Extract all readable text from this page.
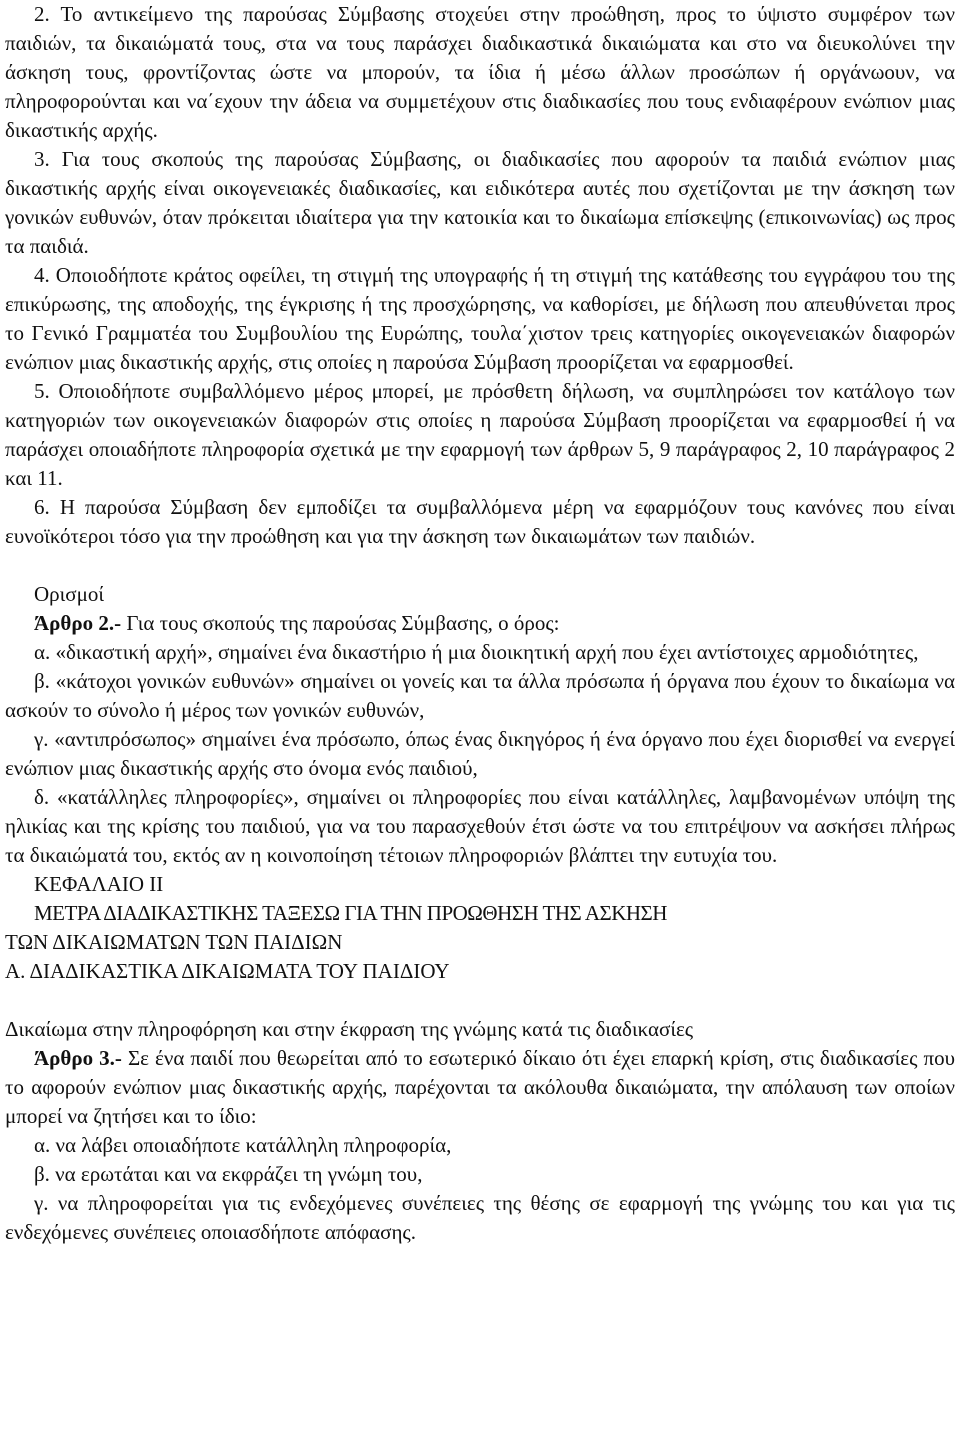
2. Το αντικείμενο της παρούσας Σύμβασης στοχεύει στην προώθηση, προς το ύψιστο συμφέρον των παιδιών, τα δικαιώματά τους, στα να τους παράσχει διαδικαστικά δικαιώματα και στο να διευκολύνει την άσκηση τους, φροντίζοντας ώστε να μπορούν, τα ίδια ή μέσω άλλων προσώπων ή οργάνωουν, να πληροφορούνται και να΄εχουν την άδεια να συμμετέχουν στις διαδικασίες που τους ενδιαφέρουν ενώπιον μιας δικαστικής αρχής.

3. Για τους σκοπούς της παρούσας Σύμβασης, οι διαδικασίες που αφορούν τα παιδιά ενώπιον μιας δικαστικής αρχής είναι οικογενειακές διαδικασίες, και ειδικότερα αυτές που σχετίζονται με την άσκηση των γονικών ευθυνών, όταν πρόκειται ιδιαίτερα για την κατοικία και το δικαίωμα επίσκεψης (επικοινωνίας) ως προς τα παιδιά.

4. Οποιοδήποτε κράτος οφείλει, τη στιγμή της υπογραφής ή τη στιγμή της κατάθεσης του εγγράφου του της επικύρωσης, της αποδοχής, της έγκρισης ή της προσχώρησης, να καθορίσει, με δήλωση που απευθύνεται προς το Γενικό Γραμματέα του Συμβουλίου της Ευρώπης, τουλα΄χιστον τρεις κατηγορίες οικογενειακών διαφορών ενώπιον μιας δικαστικής αρχής, στις οποίες η παρούσα Σύμβαση προορίζεται να εφαρμοσθεί.

5. Οποιοδήποτε συμβαλλόμενο μέρος μπορεί, με πρόσθετη δήλωση, να συμπληρώσει τον κατάλογο των κατηγοριών των οικογενειακών διαφορών στις οποίες η παρούσα Σύμβαση προορίζεται να εφαρμοσθεί ή να παράσχει οποιαδήποτε πληροφορία σχετικά με την εφαρμογή των άρθρων 5, 9 παράγραφος 2, 10 παράγραφος 2 και 11.

6. Η παρούσα Σύμβαση δεν εμποδίζει τα συμβαλλόμενα μέρη να εφαρμόζουν τους κανόνες που είναι ευνοϊκότεροι τόσο για την προώθηση και για την άσκηση των δικαιωμάτων των παιδιών.

Ορισμοί

Άρθρο 2.- Για τους σκοπούς της παρούσας Σύμβασης, ο όρος:

α. «δικαστική αρχή», σημαίνει ένα δικαστήριο ή μια διοικητική αρχή που έχει αντίστοιχες αρμοδιότητες,

β. «κάτοχοι γονικών ευθυνών» σημαίνει οι γονείς και τα άλλα πρόσωπα ή όργανα που έχουν το δικαίωμα να ασκούν το σύνολο ή μέρος των γονικών ευθυνών,

γ. «αντιπρόσωπος» σημαίνει ένα πρόσωπο, όπως ένας δικηγόρος ή ένα όργανο που έχει διορισθεί να ενεργεί ενώπιον μιας δικαστικής αρχής στο όνομα ενός παιδιού,

δ. «κατάλληλες πληροφορίες», σημαίνει οι πληροφορίες που είναι κατάλληλες, λαμβανομένων υπόψη της ηλικίας και της κρίσης του παιδιού, για να του παρασχεθούν έτσι ώστε να του επιτρέψουν να ασκήσει πλήρως τα δικαιώματά του, εκτός αν η κοινοποίηση τέτοιων πληροφοριών βλάπτει την ευτυχία του.

ΚΕΦΑΛΑΙΟ ΙΙ

ΜΕΤΡΑ ΔΙΑΔΙΚΑΣΤΙΚΗΣ ΤΑΞΕΣΩ ΓΙΑ ΤΗΝ ΠΡΟΩΘΗΣΗ ΤΗΣ ΑΣΚΗΣΗ

ΤΩΝ ΔΙΚΑΙΩΜΑΤΩΝ ΤΩΝ ΠΑΙΔΙΩΝ

Α. ΔΙΑΔΙΚΑΣΤΙΚΑ ΔΙΚΑΙΩΜΑΤΑ ΤΟΥ ΠΑΙΔΙΟΥ

Δικαίωμα στην πληροφόρηση και στην έκφραση της γνώμης κατά τις διαδικασίες

Άρθρο 3.- Σε ένα παιδί που θεωρείται από το εσωτερικό δίκαιο ότι έχει επαρκή κρίση, στις διαδικασίες που το αφορούν ενώπιον μιας δικαστικής αρχής, παρέχονται τα ακόλουθα δικαιώματα, την απόλαυση των οποίων μπορεί να ζητήσει και το ίδιο:

α. να λάβει οποιαδήποτε κατάλληλη πληροφορία,

β. να ερωτάται και να εκφράζει τη γνώμη του,

γ. να πληροφορείται για τις ενδεχόμενες συνέπειες της θέσης σε εφαρμογή της γνώμης του και για τις ενδεχόμενες συνέπειες οποιασδήποτε απόφασης.
